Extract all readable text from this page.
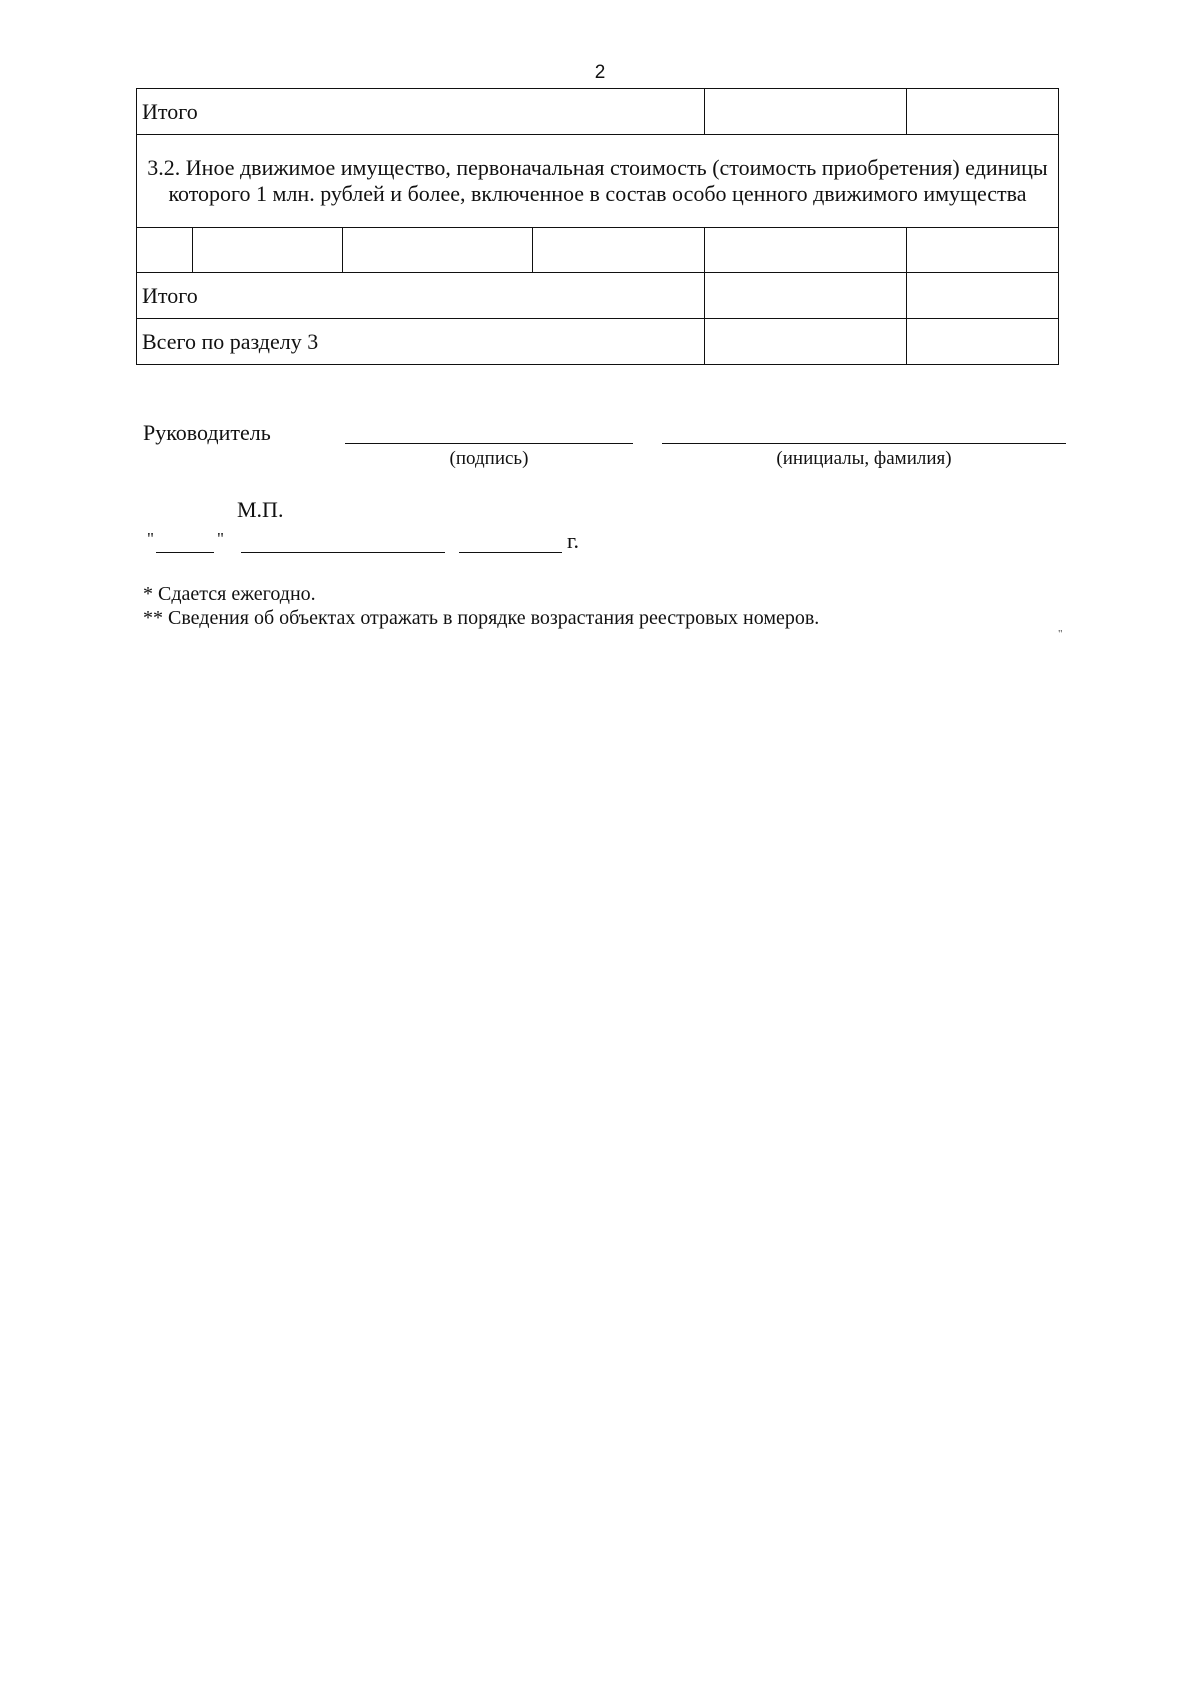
2
Итого					
3.2. Иное движимое имущество, первоначальная стоимость (стоимость приобретения) единицы которого 1 млн. рублей и более, включенное в состав особо ценного движимого имущества					

Итого					
Всего по разделу 3					
Руководитель
(подпись)	(инициалы, фамилия)
М.П.
"	"	г.
* Сдается ежегодно.
** Сведения об объектах отражать в порядке возрастания реестровых номеров.
"
